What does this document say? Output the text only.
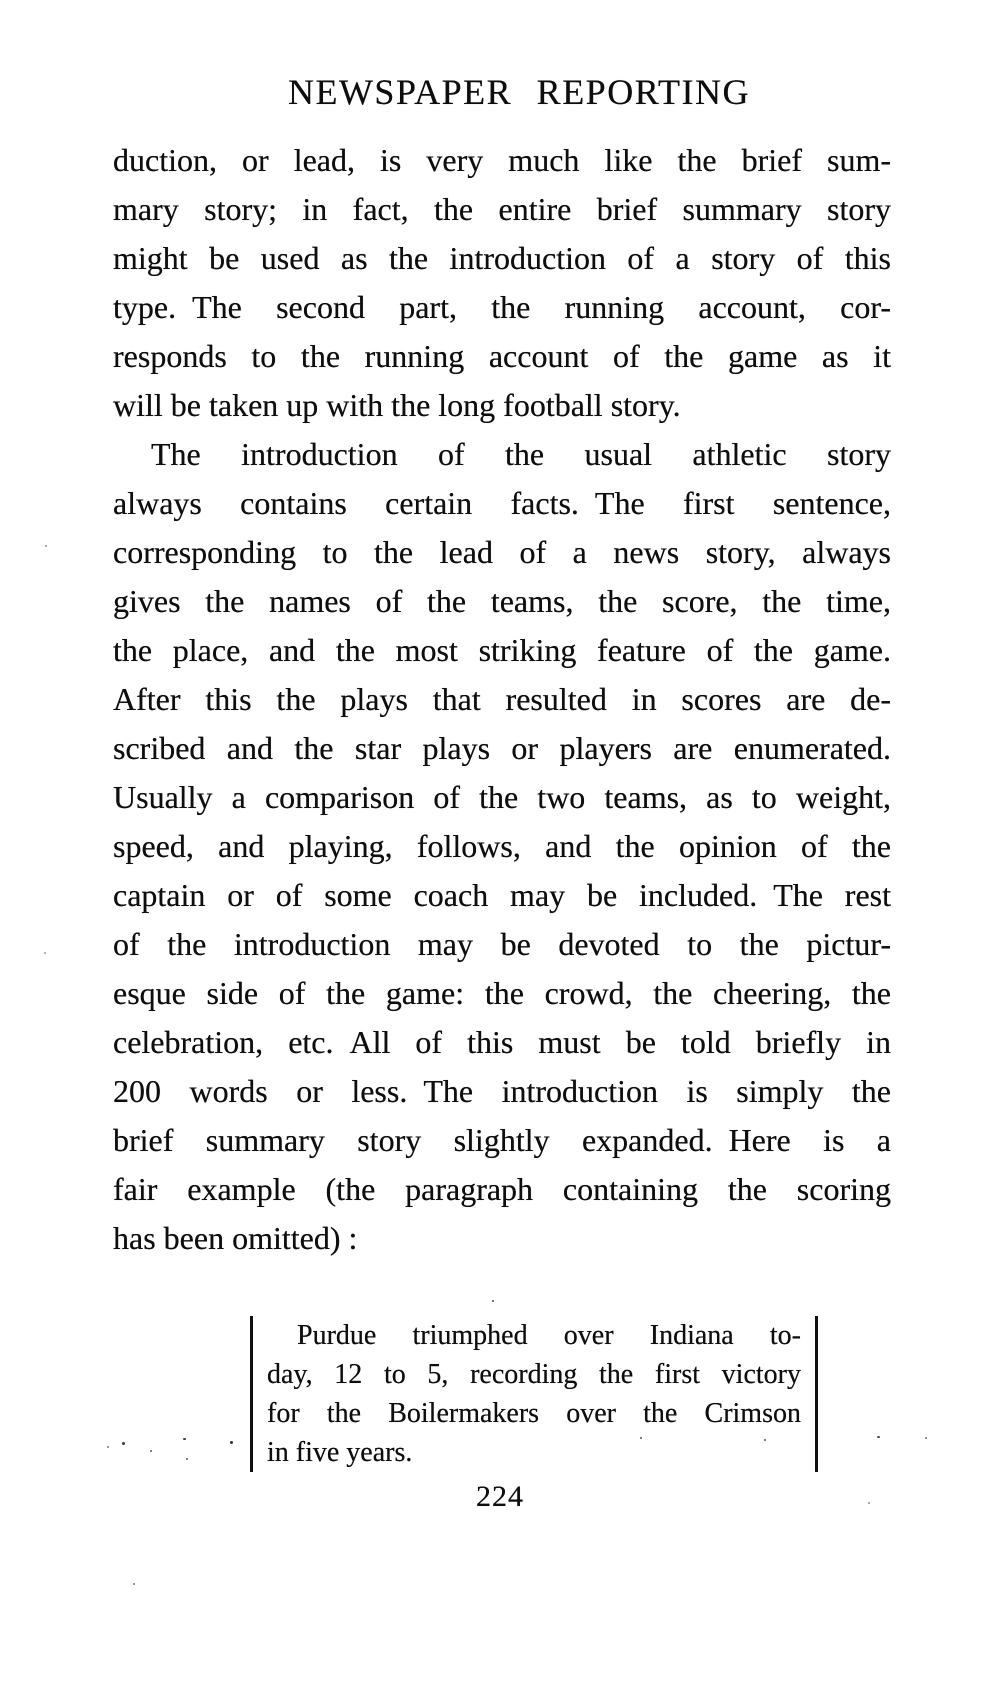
NEWSPAPER REPORTING
duction, or lead, is very much like the brief sum-
mary story; in fact, the entire brief summary story
might be used as the introduction of a story of this
type. The second part, the running account, cor-
responds to the running account of the game as it
will be taken up with the long football story.
The introduction of the usual athletic story
always contains certain facts. The first sentence,
corresponding to the lead of a news story, always
gives the names of the teams, the score, the time,
the place, and the most striking feature of the game.
After this the plays that resulted in scores are de-
scribed and the star plays or players are enumerated.
Usually a comparison of the two teams, as to weight,
speed, and playing, follows, and the opinion of the
captain or of some coach may be included. The rest
of the introduction may be devoted to the pictur-
esque side of the game: the crowd, the cheering, the
celebration, etc. All of this must be told briefly in
200 words or less. The introduction is simply the
brief summary story slightly expanded. Here is a
fair example (the paragraph containing the scoring
has been omitted) :
Purdue triumphed over Indiana to-
day, 12 to 5, recording the first victory
for the Boilermakers over the Crimson
in five years.
224
